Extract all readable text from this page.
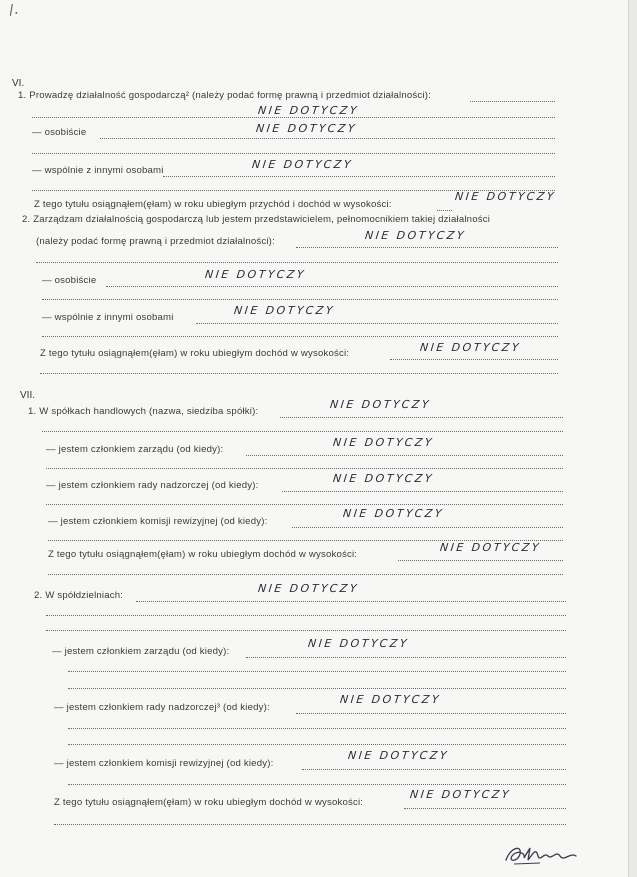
/.
VI.
1. Prowadzę działalność gospodarczą² (należy podać formę prawną i przedmiot działalności):
NIE DOTYCZY
— osobiście	NIE DOTYCZY
— wspólnie z innymi osobami	NIE DOTYCZY
Z tego tytułu osiągnąłem(ęłam) w roku ubiegłym przychód i dochód w wysokości:
NIE DOTYCZY
2. Zarządzam działalnością gospodarczą lub jestem przedstawicielem, pełnomocnikiem takiej działalności
(należy podać formę prawną i przedmiot działalności):	NIE DOTYCZY
— osobiście	NIE DOTYCZY
— wspólnie z innymi osobami
NIE DOTYCZY
Z tego tytułu osiągnąłem(ęłam) w roku ubiegłym dochód w wysokości:	NIE DOTYCZY
VII.
1. W spółkach handlowych (nazwa, siedziba spółki):
NIE DOTYCZY
— jestem członkiem zarządu (od kiedy):
NIE DOTYCZY
— jestem członkiem rady nadzorczej (od kiedy):
NIE DOTYCZY
— jestem członkiem komisji rewizyjnej (od kiedy):
NIE DOTYCZY
Z tego tytułu osiągnąłem(ęłam) w roku ubiegłym dochód w wysokości:
NIE DOTYCZY
2. W spółdzielniach:
NIE DOTYCZY
— jestem członkiem zarządu (od kiedy):
NIE DOTYCZY
— jestem członkiem rady nadzorczej³ (od kiedy):
NIE DOTYCZY
— jestem członkiem komisji rewizyjnej (od kiedy):
NIE DOTYCZY
Z tego tytułu osiągnąłem(ęłam) w roku ubiegłym dochód w wysokości:
NIE DOTYCZY
